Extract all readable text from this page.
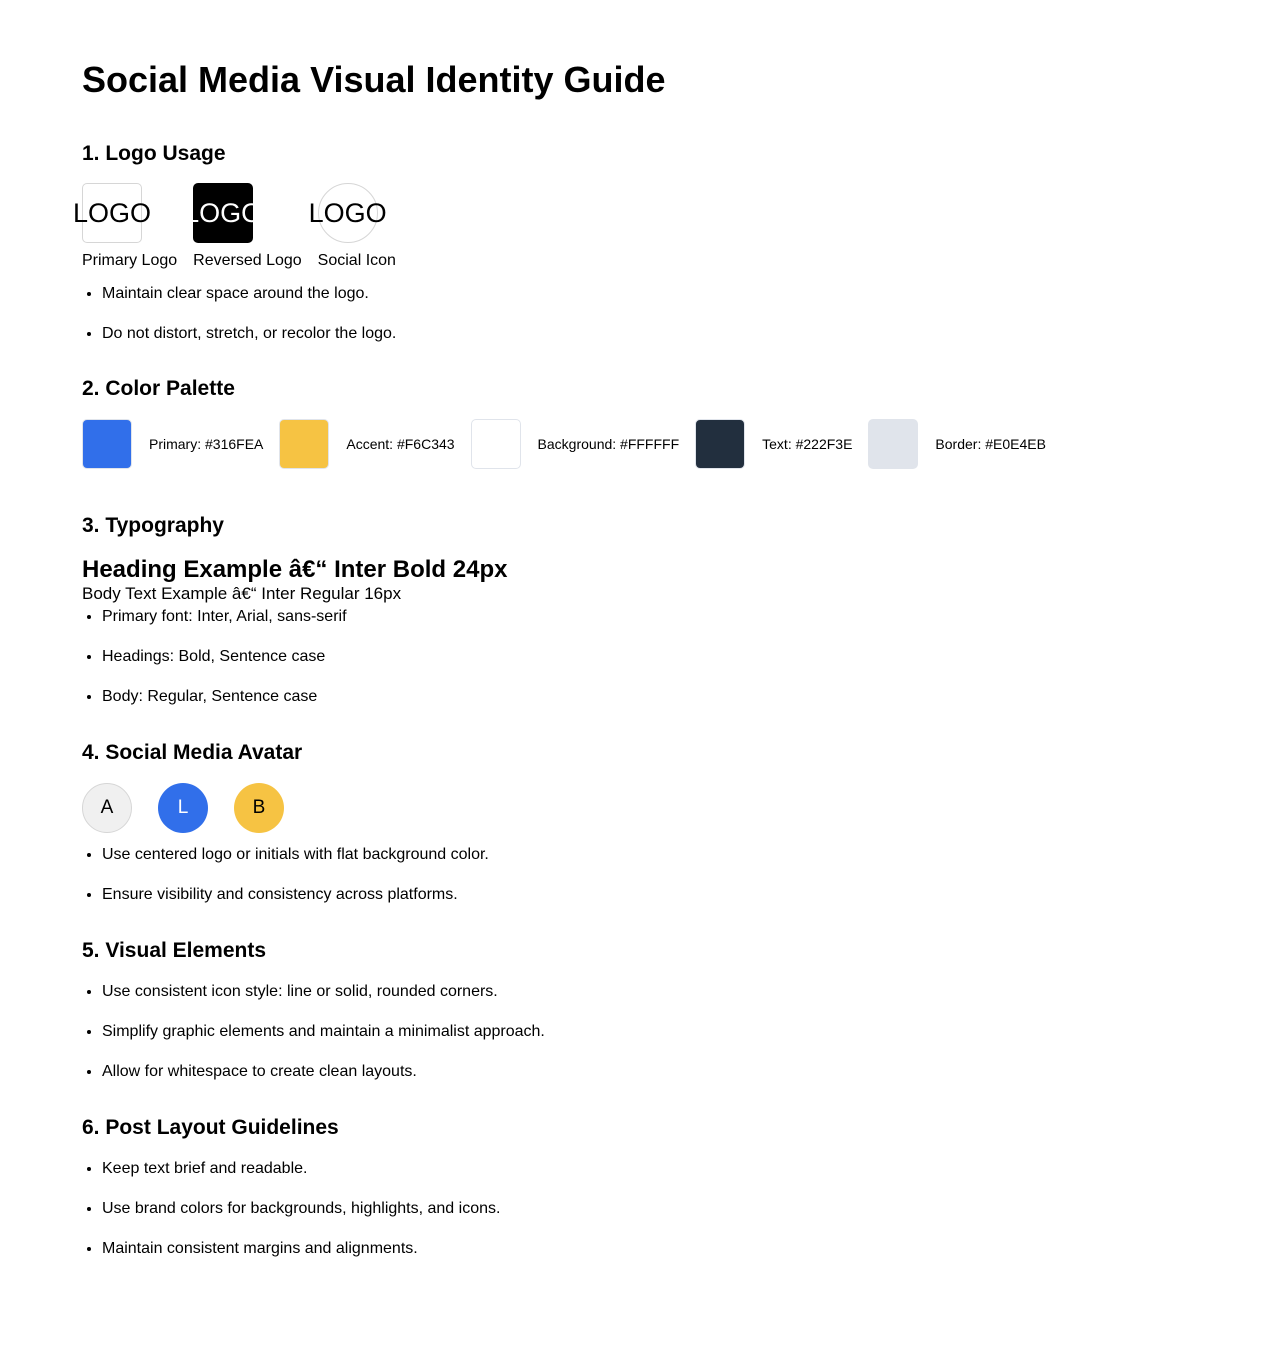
Social Media Visual Identity Guide
1. Logo Usage
LOGO
Primary Logo
LOGO
Reversed Logo
LOGO
Social Icon
• Maintain clear space around the logo.
• Do not distort, stretch, or recolor the logo.
2. Color Palette
Primary: #316FEA	Accent: #F6C343	Background: #FFFFFF	Text: #222F3E	Border: #E0E4EB
3. Typography
Heading Example â€“ Inter Bold 24px
Body Text Example â€“ Inter Regular 16px
• Primary font: Inter, Arial, sans-serif
• Headings: Bold, Sentence case
• Body: Regular, Sentence case
4. Social Media Avatar
A	L	B
• Use centered logo or initials with flat background color.
• Ensure visibility and consistency across platforms.
5. Visual Elements
• Use consistent icon style: line or solid, rounded corners.
• Simplify graphic elements and maintain a minimalist approach.
• Allow for whitespace to create clean layouts.
6. Post Layout Guidelines
• Keep text brief and readable.
• Use brand colors for backgrounds, highlights, and icons.
• Maintain consistent margins and alignments.
